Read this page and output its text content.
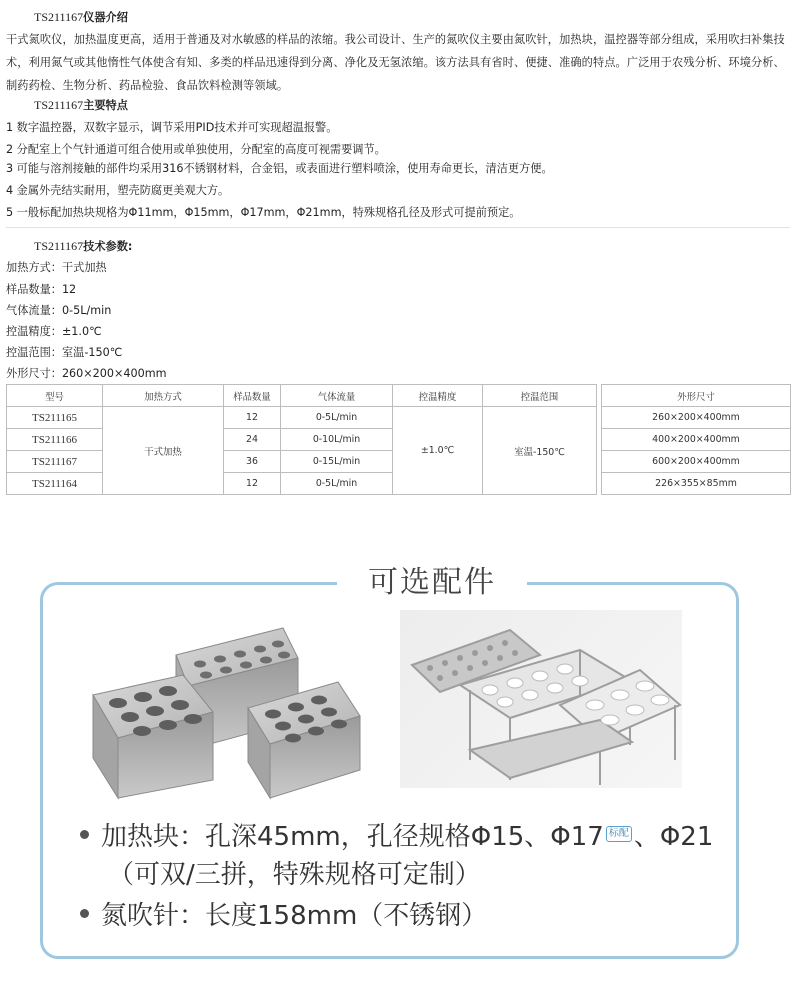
TS211167仪器介绍
干式氮吹仪，加热温度更高，适用于普通及对水敏感的样品的浓缩。我公司设计、生产的氮吹仪主要由氮吹针，加热块，温控器等部分组成，采用吹扫补集技术，利用氮气或其他惰性气体使含有知、多类的样品迅速得到分离、净化及无氢浓缩。该方法具有省时、便捷、准确的特点。广泛用于农残分析、环境分析、制药药检、生物分析、药品检验、食品饮料检测等领域。
TS211167主要特点
1 数字温控器，双数字显示，调节采用PID技术并可实现超温报警。
2 分配室上个气针通道可组合使用或单独使用，分配室的高度可视需要调节。
3 可能与溶剂接触的部件均采用316不锈钢材料，合金铝，或表面进行塑料喷涂，使用寿命更长，清洁更方便。
4 金属外壳结实耐用，塑壳防腐更美观大方。
5 一般标配加热块规格为Φ11mm，Φ15mm，Φ17mm，Φ21mm，特殊规格孔径及形式可提前预定。
TS211167技术参数:
加热方式：干式加热
样品数量：12
气体流量：0-5L/min
控温精度：±1.0℃
控温范围：室温-150℃
外形尺寸：260×200×400mm
型号	加热方式	样品数量	气体流量	控温精度	控温范围		外形尺寸
TS211165	干式加热	12	0-5L/min	±1.0℃	室温-150℃		260×200×400mm
TS211166		24	0-10L/min				400×200×400mm
TS211167		36	0-15L/min				600×200×400mm
TS211164		12	0-5L/min				226×355×85mm
可选配件
加热块：孔深45mm，孔径规格Φ15、Φ17 标配 、Φ21
（可双/三拼，特殊规格可定制）
氮吹针：长度158mm（不锈钢）
